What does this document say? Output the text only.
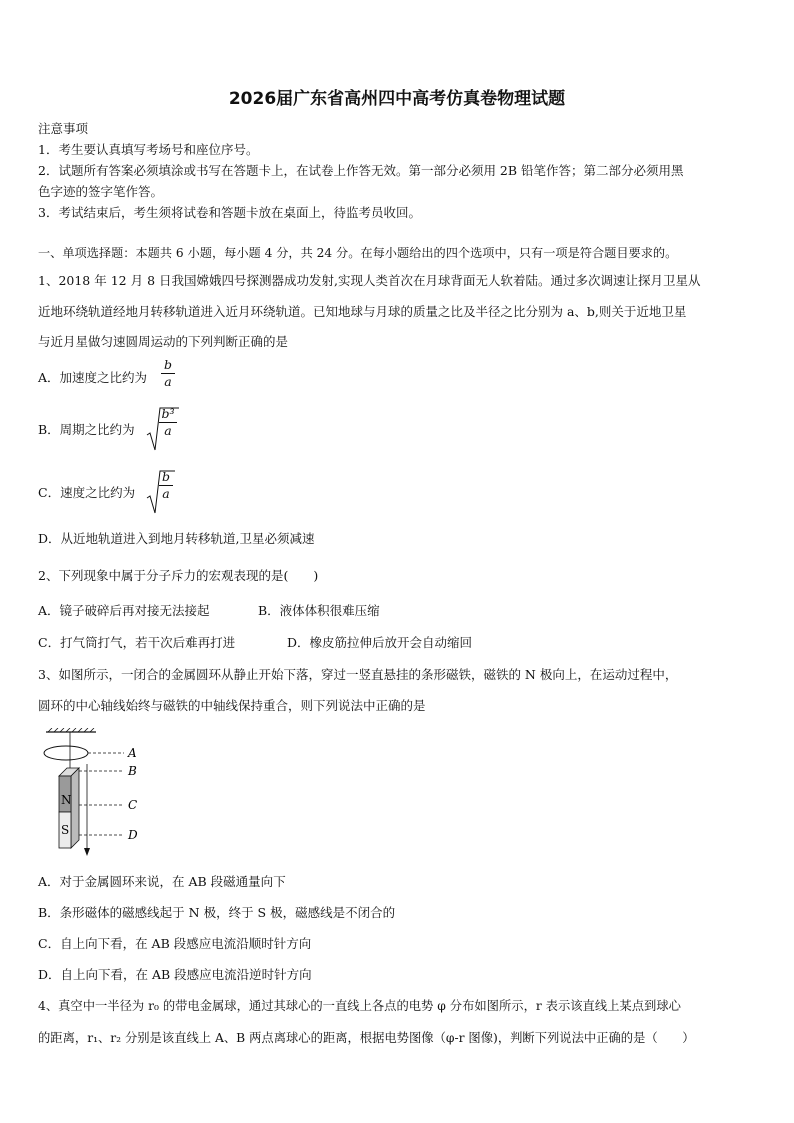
2026届广东省高州四中高考仿真卷物理试题
注意事项
1．考生要认真填写考场号和座位序号。
2．试题所有答案必须填涂或书写在答题卡上，在试卷上作答无效。第一部分必须用 2B 铅笔作答；第二部分必须用黑
色字迹的签字笔作答。
3．考试结束后，考生须将试卷和答题卡放在桌面上，待监考员收回。
一、单项选择题：本题共 6 小题，每小题 4 分，共 24 分。在每小题给出的四个选项中，只有一项是符合题目要求的。
1、2018 年 12 月 8 日我国嫦娥四号探测器成功发射,实现人类首次在月球背面无人软着陆。通过多次调速让探月卫星从
近地环绕轨道经地月转移轨道进入近月环绕轨道。已知地球与月球的质量之比及半径之比分别为 a、b,则关于近地卫星
与近月星做匀速圆周运动的下列判断正确的是
A．加速度之比约为
b
a
B．周期之比约为
b³
a
C．速度之比约为
b
a
D．从近地轨道进入到地月转移轨道,卫星必须减速
2、下列现象中属于分子斥力的宏观表现的是(　　)
A．镜子破碎后再对接无法接起	B．液体体积很难压缩
C．打气筒打气，若干次后难再打进	D．橡皮筋拉伸后放开会自动缩回
3、如图所示，一闭合的金属圆环从静止开始下落，穿过一竖直悬挂的条形磁铁，磁铁的 N 极向上，在运动过程中，
圆环的中心轴线始终与磁铁的中轴线保持重合，则下列说法中正确的是
N
S
A
B
C
D
A．对于金属圆环来说，在 AB 段磁通量向下
B．条形磁体的磁感线起于 N 极，终于 S 极，磁感线是不闭合的
C．自上向下看，在 AB 段感应电流沿顺时针方向
D．自上向下看，在 AB 段感应电流沿逆时针方向
4、真空中一半径为 r₀ 的带电金属球，通过其球心的一直线上各点的电势 φ 分布如图所示，r 表示该直线上某点到球心
的距离，r₁、r₂ 分别是该直线上 A、B 两点离球心的距离，根据电势图像（φ-r 图像)，判断下列说法中正确的是（　　）
